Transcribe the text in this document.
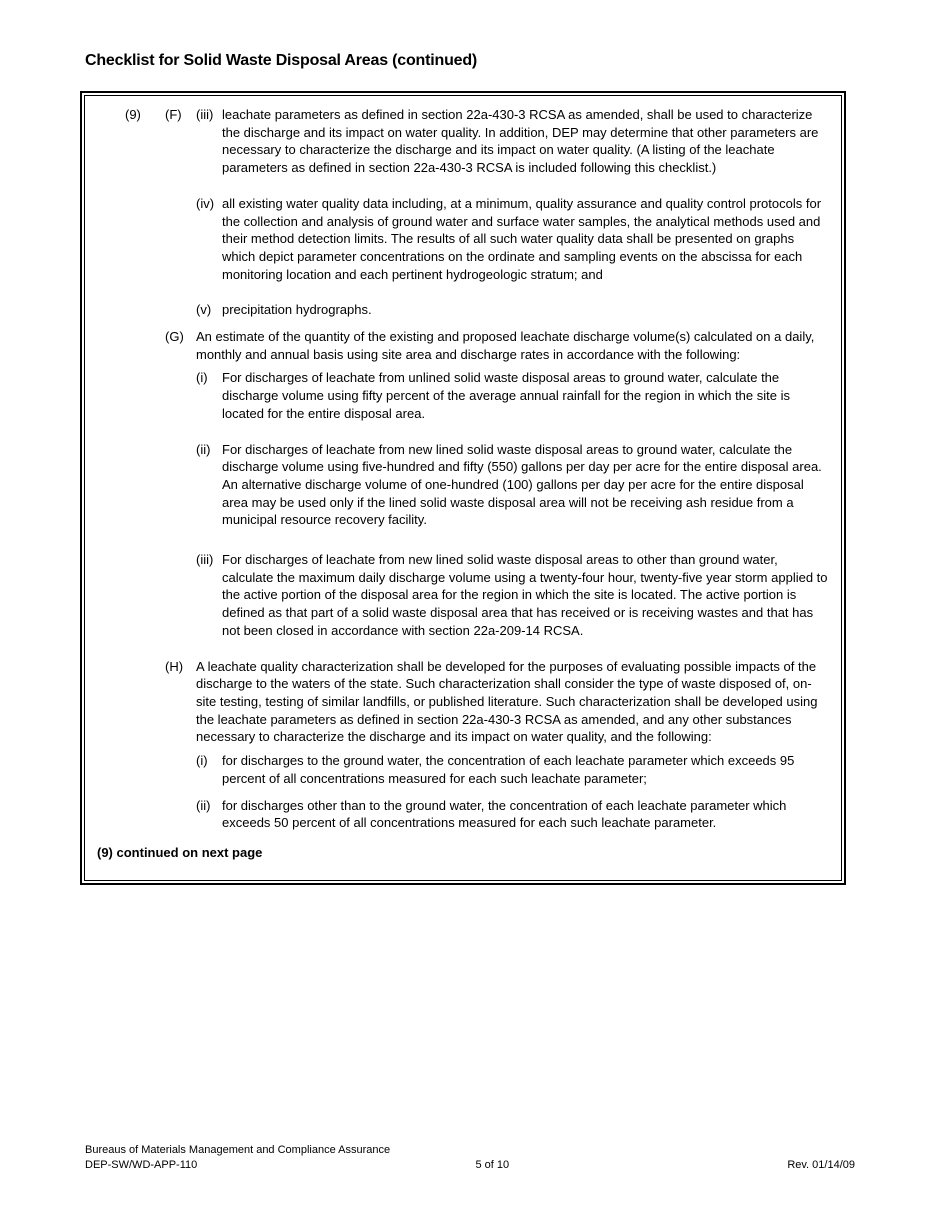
Checklist for Solid Waste Disposal Areas (continued)
(9)	(F)	(iii) leachate parameters as defined in section 22a-430-3 RCSA as amended, shall be used to characterize the discharge and its impact on water quality. In addition, DEP may determine that other parameters are necessary to characterize the discharge and its impact on water quality. (A listing of the leachate parameters as defined in section 22a-430-3 RCSA is included following this checklist.)
(iv) all existing water quality data including, at a minimum, quality assurance and quality control protocols for the collection and analysis of ground water and surface water samples, the analytical methods used and their method detection limits. The results of all such water quality data shall be presented on graphs which depict parameter concentrations on the ordinate and sampling events on the abscissa for each monitoring location and each pertinent hydrogeologic stratum; and
(v) precipitation hydrographs.
(G) An estimate of the quantity of the existing and proposed leachate discharge volume(s) calculated on a daily, monthly and annual basis using site area and discharge rates in accordance with the following:
(i)	For discharges of leachate from unlined solid waste disposal areas to ground water, calculate the discharge volume using fifty percent of the average annual rainfall for the region in which the site is located for the entire disposal area.
(ii) For discharges of leachate from new lined solid waste disposal areas to ground water, calculate the discharge volume using five-hundred and fifty (550) gallons per day per acre for the entire disposal area. An alternative discharge volume of one-hundred (100) gallons per day per acre for the entire disposal area may be used only if the lined solid waste disposal area will not be receiving ash residue from a municipal resource recovery facility.
(iii) For discharges of leachate from new lined solid waste disposal areas to other than ground water, calculate the maximum daily discharge volume using a twenty-four hour, twenty-five year storm applied to the active portion of the disposal area for the region in which the site is located. The active portion is defined as that part of a solid waste disposal area that has received or is receiving wastes and that has not been closed in accordance with section 22a-209-14 RCSA.
(H) A leachate quality characterization shall be developed for the purposes of evaluating possible impacts of the discharge to the waters of the state. Such characterization shall consider the type of waste disposed of, on-site testing, testing of similar landfills, or published literature. Such characterization shall be developed using the leachate parameters as defined in section 22a-430-3 RCSA as amended, and any other substances necessary to characterize the discharge and its impact on water quality, and the following:
(i)	for discharges to the ground water, the concentration of each leachate parameter which exceeds 95 percent of all concentrations measured for each such leachate parameter;
(ii) for discharges other than to the ground water, the concentration of each leachate parameter which exceeds 50 percent of all concentrations measured for each such leachate parameter.
(9) continued on next page
Bureaus of Materials Management and Compliance Assurance
DEP-SW/WD-APP-110	5 of 10	Rev. 01/14/09
